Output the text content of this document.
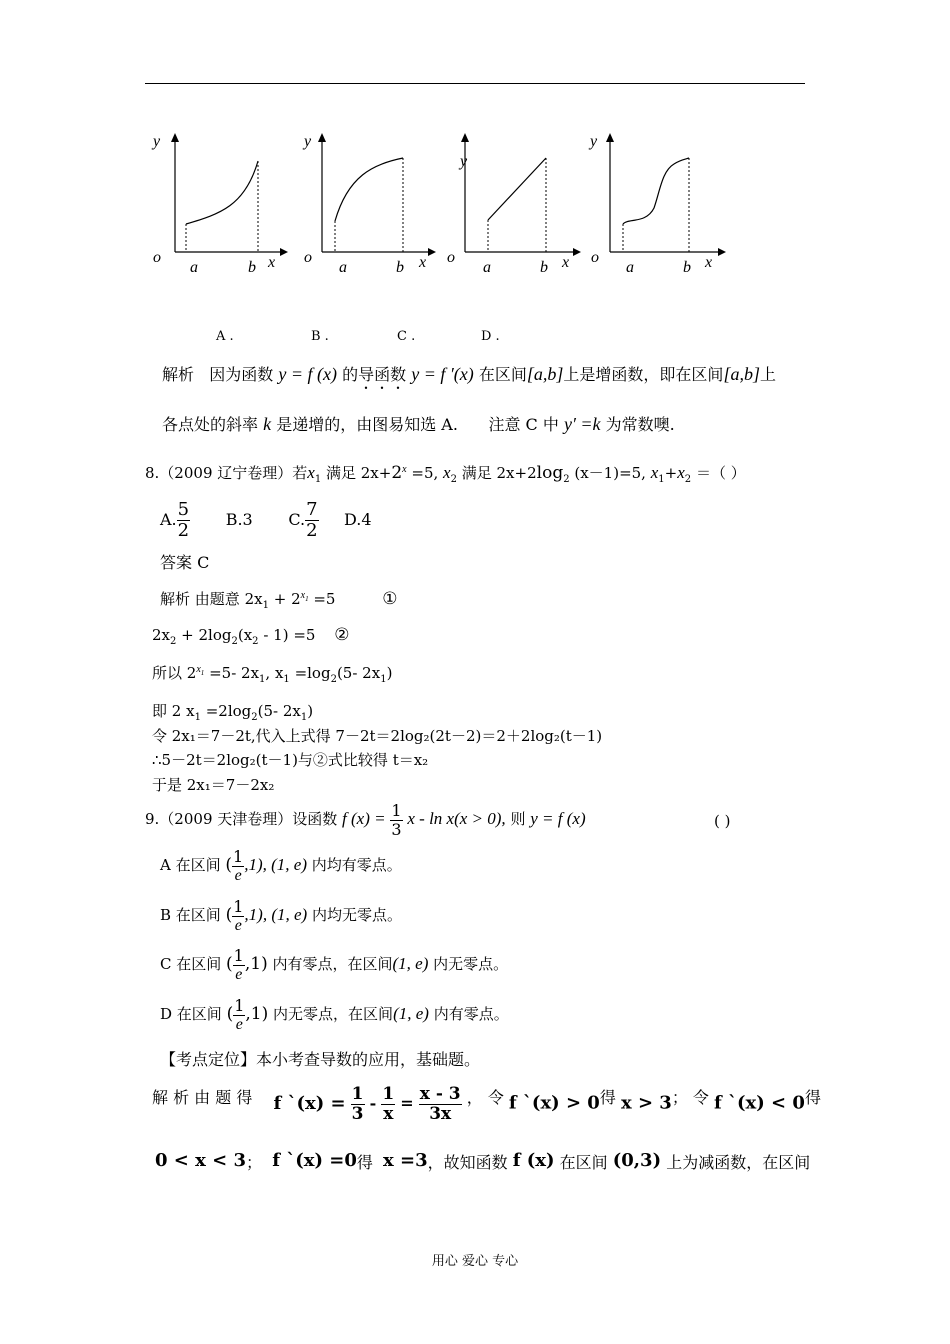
y
o
a	b x
y
o
a	b x
y
o
a	b x
y
o
a	b x
A .	B .	C .	D .
解析 因为函数 y = f (x) 的导函数 y = f ′(x) 在区间[a,b]上是增函数，即在区间[a,b]上
各点处的斜率 k 是递增的，由图易知选 A. 注意 C 中 y′ =k 为常数噢.
8.（2009 辽宁卷理）若$x_1$ 满足 $2x+2^x =5$, $x_2$ 满足 $2x+2\log_2$ (x－1)=5, $x_1+x_2$ ＝（ ）
A. $\frac{5}{2} B.3$ C. $\frac{7}{2} D.4$
答案 C
解析 由题意 $2x_1 + 2^{x_1} =5$	①
$2x_2 + 2\log_2(x_2 - 1) =5$ ②
所以 $2^{x_1} =5-$ $2x_1$, $x_1 =\log_2(5-$ $2x_1$)
即 2 $x_1 =2\log_2(5-$ $2x_1$)
令 2x₁＝7－2t,代入上式得 7－2t＝2log₂(2t－2)＝2＋2log₂(t－1)
∴5－2t＝2log₂(t－1)与②式比较得 t＝x₂
于是 2x₁＝7－2x₂
9.（2009 天津卷理）设函数 f $(x) = \frac{1}{3}$ x - ln x(x > 0), 则 y = f (x)	( )
A 在区间 ( $\frac{1}{e} ,1$), (1, e) 内均有零点。
B 在区间 ( $\frac{1}{e} ,1$), (1, e) 内均无零点。
C 在区间 ( $\frac{1}{e} ,1$) 内有零点，在区间(1, e) 内无零点。
D 在区间 ( $\frac{1}{e} ,1$) 内无零点，在区间(1, e) 内有零点。
【考点定位】本小考查导数的应用，基础题。
解 析 由 题 得 f `(x) = $\frac{1}{3} - \frac{1}{x} = \frac{x - 3}{3x}$ ， 令 f `(x) > 0得 x > 3； 令 f `(x) < 0得
0 < x < 3； f `(x) =0得 x =3，故知函数 f (x) 在区间 (0,3) 上为减函数，在区间
用心 爱心 专心
